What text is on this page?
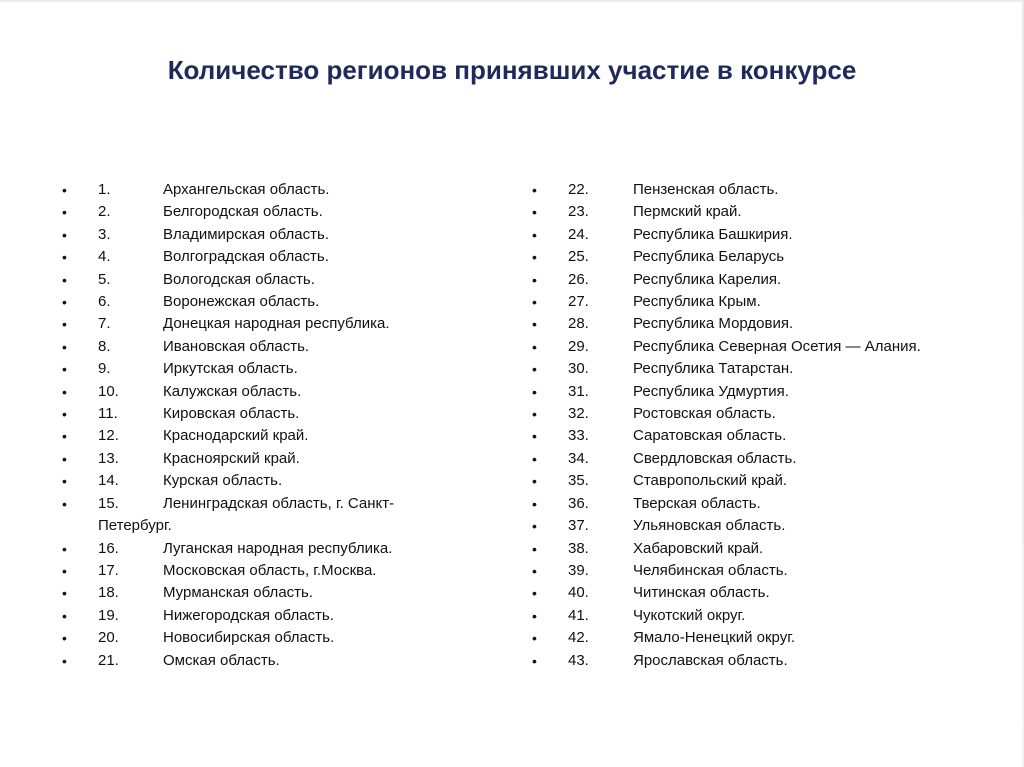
Количество регионов принявших участие в конкурсе
•	1.	Архангельская область.
•	2.	Белгородская область.
•	3.	Владимирская область.
•	4.	Волгоградская область.
•	5.	Вологодская область.
•	6.	Воронежская область.
•	7.	Донецкая народная республика.
•	8.	Ивановская область.
•	9.	Иркутская область.
•	10.	Калужская область.
•	11.	Кировская область.
•	12.	Краснодарский край.
•	13.	Красноярский край.
•	14.	Курская область.
•	15.	Ленинградская область, г. Санкт-
Петербург.
•	16.	Луганская народная республика.
•	17.	Московская область, г.Москва.
•	18.	Мурманская область.
•	19.	Нижегородская область.
•	20.	Новосибирская область.
•	21.	Омская область.
•	22.	Пензенская область.
•	23.	Пермский край.
•	24.	Республика Башкирия.
•	25.	Республика Беларусь
•	26.	Республика Карелия.
•	27.	Республика Крым.
•	28.	Республика Мордовия.
•	29.	Республика Северная Осетия — Алания.
•	30.	Республика Татарстан.
•	31.	Республика Удмуртия.
•	32.	Ростовская область.
•	33.	Саратовская область.
•	34.	Свердловская область.
•	35.	Ставропольский край.
•	36.	Тверская область.
•	37.	Ульяновская область.
•	38.	Хабаровский край.
•	39.	Челябинская область.
•	40.	Читинская область.
•	41.	Чукотский округ.
•	42.	Ямало-Ненецкий округ.
•	43.	Ярославская область.
